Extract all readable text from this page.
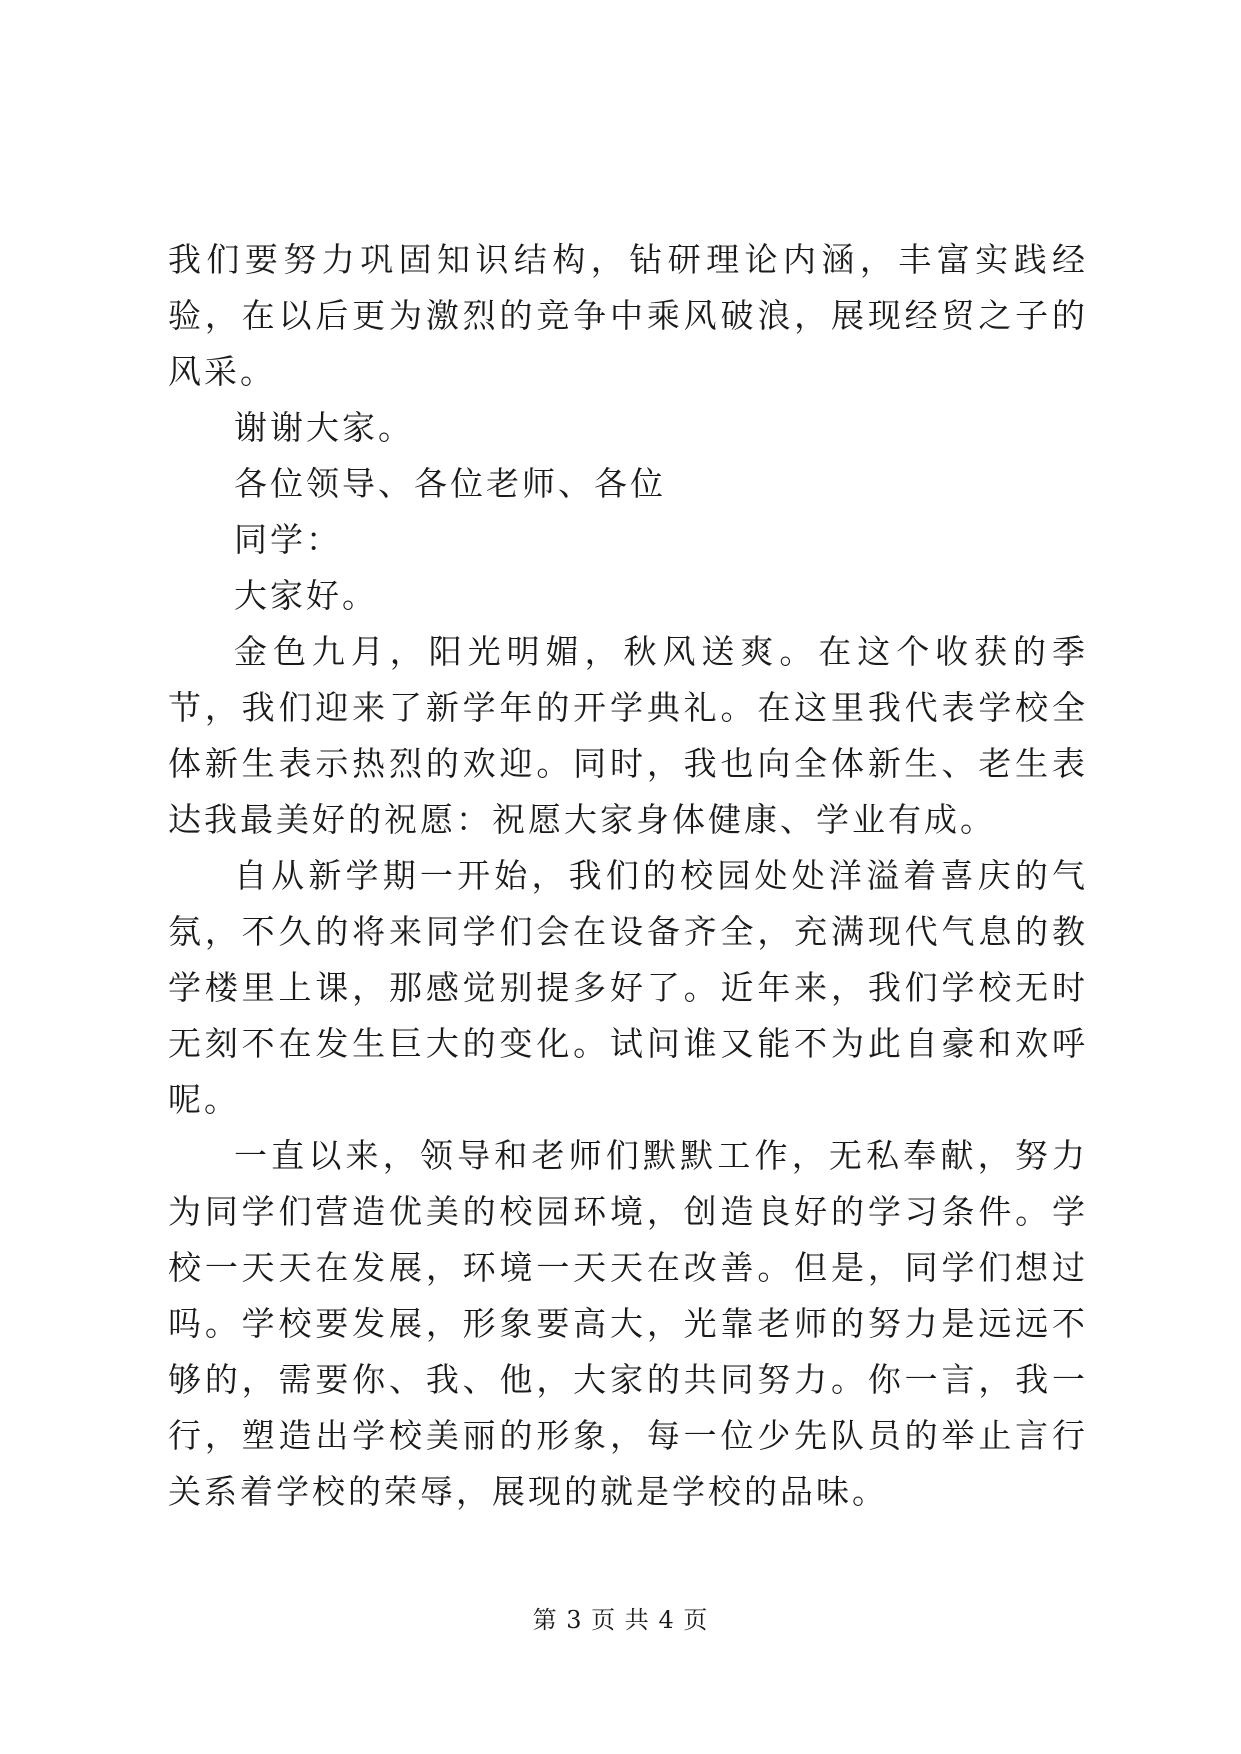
我们要努力巩固知识结构，钻研理论内涵，丰富实践经验，在以后更为激烈的竞争中乘风破浪，展现经贸之子的风采。

谢谢大家。

各位领导、各位老师、各位

同学：

大家好。

金色九月，阳光明媚，秋风送爽。在这个收获的季节，我们迎来了新学年的开学典礼。在这里我代表学校全体新生表示热烈的欢迎。同时，我也向全体新生、老生表达我最美好的祝愿：祝愿大家身体健康、学业有成。

自从新学期一开始，我们的校园处处洋溢着喜庆的气氛，不久的将来同学们会在设备齐全，充满现代气息的教学楼里上课，那感觉别提多好了。近年来，我们学校无时无刻不在发生巨大的变化。试问谁又能不为此自豪和欢呼呢。

一直以来，领导和老师们默默工作，无私奉献，努力为同学们营造优美的校园环境，创造良好的学习条件。学校一天天在发展，环境一天天在改善。但是，同学们想过吗。学校要发展，形象要高大，光靠老师的努力是远远不够的，需要你、我、他，大家的共同努力。你一言，我一行，塑造出学校美丽的形象，每一位少先队员的举止言行关系着学校的荣辱，展现的就是学校的品味。

第 3 页 共 4 页
